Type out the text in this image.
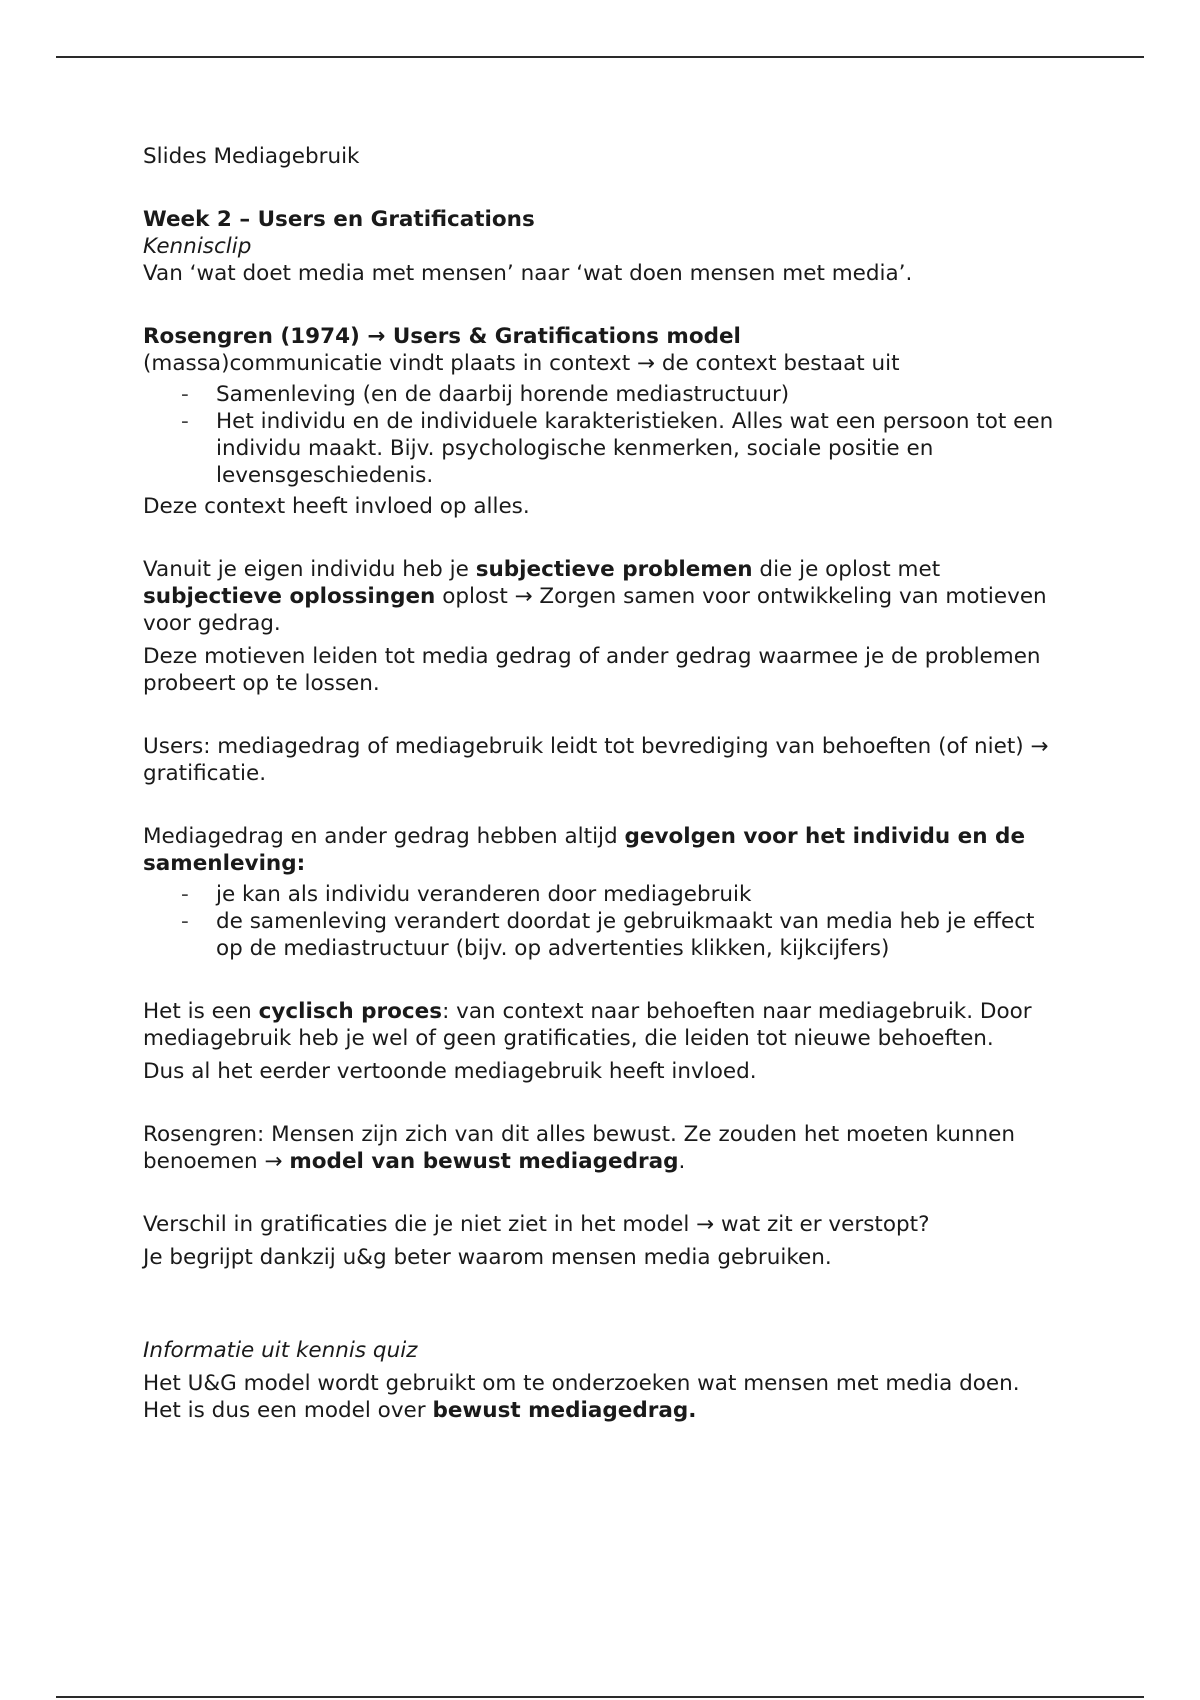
Slides Mediagebruik

Week 2 – Users en Gratifications

Kennisclip

Van ‘wat doet media met mensen’ naar ‘wat doen mensen met media’.

Rosengren (1974) → Users & Gratifications model

(massa)communicatie vindt plaats in context → de context bestaat uit

- Samenleving (en de daarbij horende mediastructuur)
- Het individu en de individuele karakteristieken. Alles wat een persoon tot een individu maakt. Bijv. psychologische kenmerken, sociale positie en levensgeschiedenis.

Deze context heeft invloed op alles.

Vanuit je eigen individu heb je subjectieve problemen die je oplost met subjectieve oplossingen oplost → Zorgen samen voor ontwikkeling van motieven voor gedrag.

Deze motieven leiden tot media gedrag of ander gedrag waarmee je de problemen probeert op te lossen.

Users: mediagedrag of mediagebruik leidt tot bevrediging van behoeften (of niet) → gratificatie.

Mediagedrag en ander gedrag hebben altijd gevolgen voor het individu en de samenleving:

- je kan als individu veranderen door mediagebruik
- de samenleving verandert doordat je gebruikmaakt van media heb je effect op de mediastructuur (bijv. op advertenties klikken, kijkcijfers)

Het is een cyclisch proces: van context naar behoeften naar mediagebruik. Door mediagebruik heb je wel of geen gratificaties, die leiden tot nieuwe behoeften.

Dus al het eerder vertoonde mediagebruik heeft invloed.

Rosengren: Mensen zijn zich van dit alles bewust. Ze zouden het moeten kunnen benoemen → model van bewust mediagedrag.

Verschil in gratificaties die je niet ziet in het model → wat zit er verstopt?

Je begrijpt dankzij u&g beter waarom mensen media gebruiken.

Informatie uit kennis quiz

Het U&G model wordt gebruikt om te onderzoeken wat mensen met media doen.

Het is dus een model over bewust mediagedrag.
